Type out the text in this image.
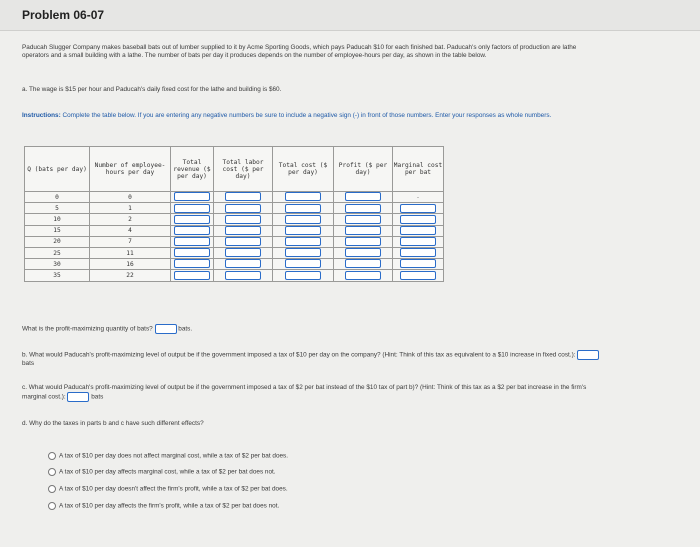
Problem 06-07
Paducah Slugger Company makes baseball bats out of lumber supplied to it by Acme Sporting Goods, which pays Paducah $10 for each finished bat. Paducah's only factors of production are lathe operators and a small building with a lathe. The number of bats per day it produces depends on the number of employee-hours per day, as shown in the table below.
a. The wage is $15 per hour and Paducah's daily fixed cost for the lathe and building is $60.
Instructions: Complete the table below. If you are entering any negative numbers be sure to include a negative sign (-) in front of those numbers. Enter your responses as whole numbers.
Q (bats per day)	Number of employee-hours per day	Total revenue ($ per day)	Total labor cost ($ per day)	Total cost ($ per day)	Profit ($ per day)	Marginal cost per bat
0	0					-
5	1					
10	2					
15	4					
20	7					
25	11					
30	16					
35	22					
What is the profit-maximizing quantity of bats?	bats.
b. What would Paducah's profit-maximizing level of output be if the government imposed a tax of $10 per day on the company? (Hint: Think of this tax as equivalent to a $10 increase in fixed cost.):  bats
c. What would Paducah's profit-maximizing level of output be if the government imposed a tax of $2 per bat instead of the $10 tax of part b)? (Hint: Think of this tax as a $2 per bat increase in the firm's marginal cost.):	bats
d. Why do the taxes in parts b and c have such different effects?
A tax of $10 per day does not affect marginal cost, while a tax of $2 per bat does.
A tax of $10 per day affects marginal cost, while a tax of $2 per bat does not.
A tax of $10 per day doesn't affect the firm's profit, while a tax of $2 per bat does.
A tax of $10 per day affects the firm's profit, while a tax of $2 per bat does not.
